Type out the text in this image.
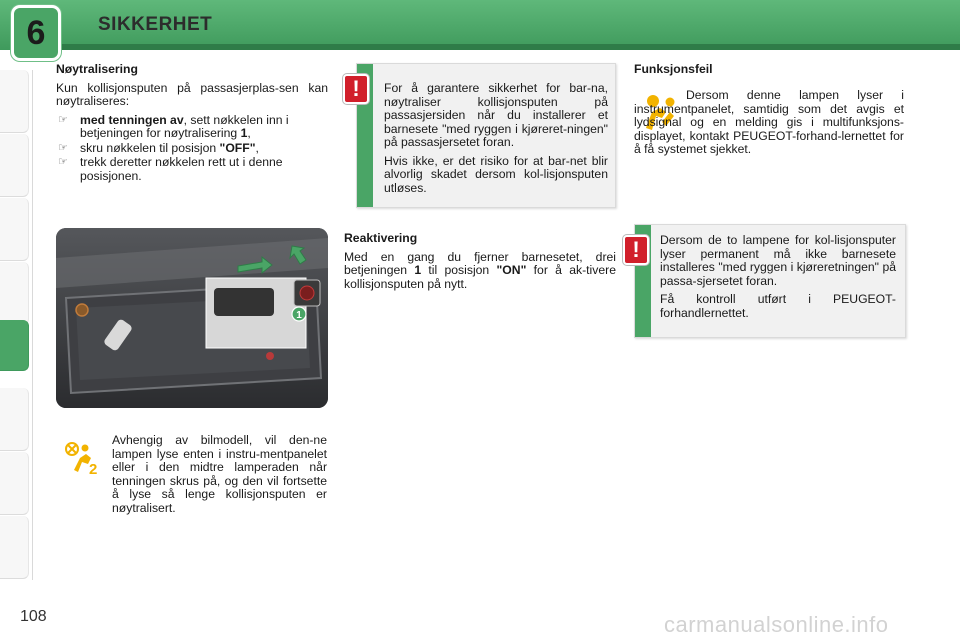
6	SIKKERHET
Nøytralisering

Kun kollisjonsputen på passasjerplas-sen kan nøytraliseres:

☞ med tenningen av, sett nøkkelen inn i betjeningen for nøytralisering 1,
☞ skru nøkkelen til posisjon "OFF",
☞ trekk deretter nøkkelen rett ut i denne posisjonen.
1
2

Avhengig av bilmodell, vil den-ne lampen lyse enten i instru-mentpanelet eller i den midtre lamperaden når tenningen skrus på, og den vil fortsette å lyse så lenge kollisjonsputen er nøytralisert.

!	For å garantere sikkerhet for bar-na, nøytraliser kollisjonsputen på passasjersiden når du installerer et barnesete "med ryggen i kjøreret-ningen" på passasjersetet foran.

Hvis ikke, er det risiko for at bar-net blir alvorlig skadet dersom kol-lisjonsputen utløses.

Reaktivering

Med en gang du fjerner barnesetet, drei betjeningen 1 til posisjon "ON" for å ak-tivere kollisjonsputen på nytt.

Funksjonsfeil

Dersom denne lampen lyser i instrumentpanelet, samtidig som det avgis et lydsignal og en melding gis i multifunksjons-displayet, kontakt PEUGEOT-forhand-lernettet for å få systemet sjekket.

!	Dersom de to lampene for kol-lisjonsputer lyser permanent må ikke barnesete installeres "med ryggen i kjøreretningen" på passa-sjersetet foran.

Få kontroll utført i PEUGEOT-forhandlernettet.

108	carmanualsonline.info
